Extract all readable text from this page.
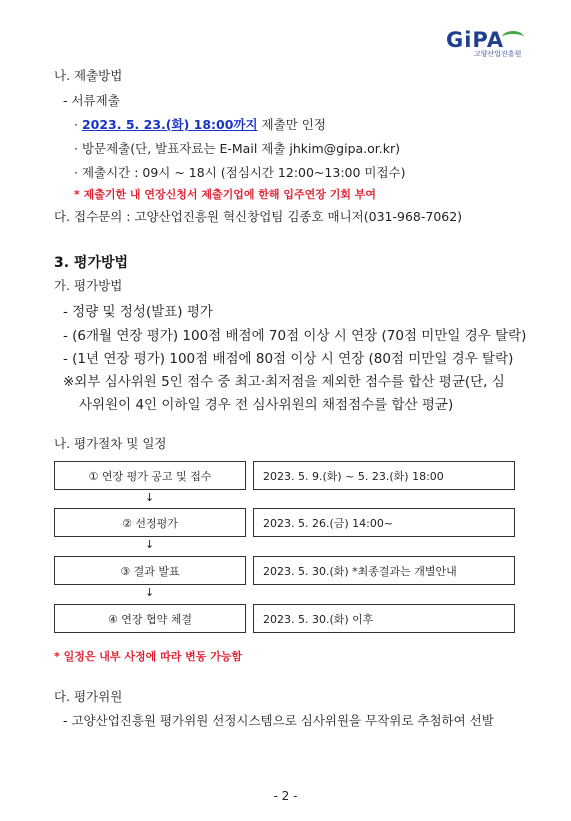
GiPA
고양산업진흥원
나. 제출방법
- 서류제출
· 2023. 5. 23.(화) 18:00까지 제출만 인정
· 방문제출(단, 발표자료는 E-Mail 제출 jhkim@gipa.or.kr)
· 제출시간 : 09시 ~ 18시 (점심시간 12:00~13:00 미접수)
* 제출기한 내 연장신청서 제출기업에 한해 입주연장 기회 부여
다. 접수문의 : 고양산업진흥원 혁신창업팀 김종호 매니저(031-968-7062)
3. 평가방법
가. 평가방법
- 정량 및 정성(발표) 평가
- (6개월 연장 평가) 100점 배점에 70점 이상 시 연장 (70점 미만일 경우 탈락)
- (1년 연장 평가) 100점 배점에 80점 이상 시 연장 (80점 미만일 경우 탈락)
※외부 심사위원 5인 점수 중 최고·최저점을 제외한 점수를 합산 평균(단, 심
사위원이 4인 이하일 경우 전 심사위원의 채점점수를 합산 평균)
나. 평가절차 및 일정
① 연장 평가 공고 및 접수	2023. 5. 9.(화) ~ 5. 23.(화) 18:00
↓
② 선정평가	2023. 5. 26.(금) 14:00~
↓
③ 결과 발표	2023. 5. 30.(화) *최종결과는 개별안내
↓
④ 연장 협약 체결	2023. 5. 30.(화) 이후
* 일정은 내부 사정에 따라 변동 가능함
다. 평가위원
- 고양산업진흥원 평가위원 선정시스템으로 심사위원을 무작위로 추첨하여 선발
- 2 -
